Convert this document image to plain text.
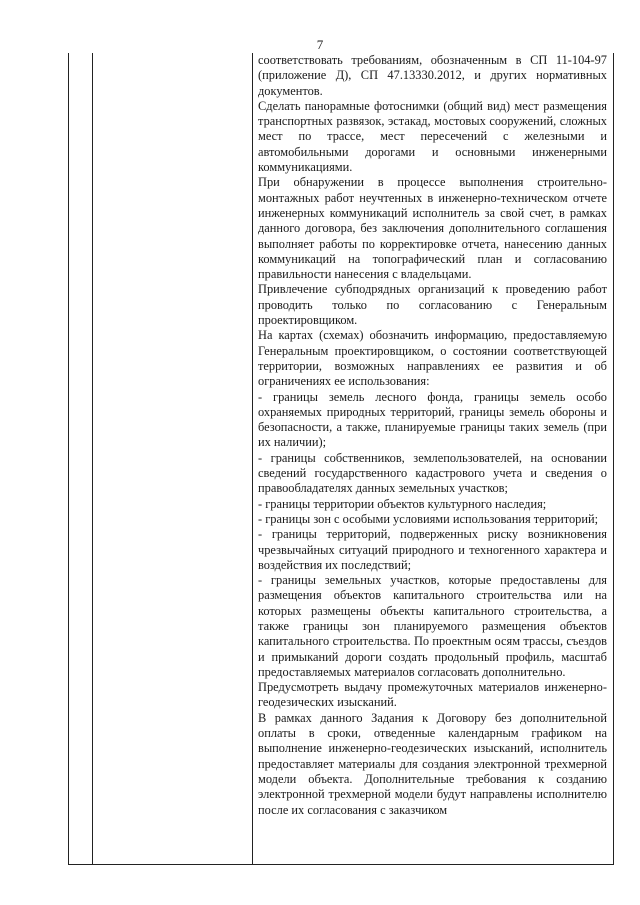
7

соответствовать требованиям, обозначенным в СП 11-104-97 (приложение Д), СП 47.13330.2012, и других нормативных документов.

Сделать панорамные фотоснимки (общий вид) мест размещения транспортных развязок, эстакад, мостовых сооружений, сложных мест по трассе, мест пересечений с железными и автомобильными дорогами и основными инженерными коммуникациями.

При обнаружении в процессе выполнения строительно-монтажных работ неучтенных в инженерно-техническом отчете инженерных коммуникаций исполнитель за свой счет, в рамках данного договора, без заключения дополнительного соглашения выполняет работы по корректировке отчета, нанесению данных коммуникаций на топографический план и согласованию правильности нанесения с владельцами.

Привлечение субподрядных организаций к проведению работ проводить только по согласованию с Генеральным проектировщиком.

На картах (схемах) обозначить информацию, предоставляемую Генеральным проектировщиком, о состоянии соответствующей территории, возможных направлениях ее развития и об ограничениях ее использования:

- границы земель лесного фонда, границы земель особо охраняемых природных территорий, границы земель обороны и безопасности, а также, планируемые границы таких земель (при их наличии);

- границы собственников, землепользователей, на основании сведений государственного кадастрового учета и сведения о правообладателях данных земельных участков;

- границы территории объектов культурного наследия;

- границы зон с особыми условиями использования территорий;

- границы территорий, подверженных риску возникновения чрезвычайных ситуаций природного и техногенного характера и воздействия их последствий;

- границы земельных участков, которые предоставлены для размещения объектов капитального строительства или на которых размещены объекты капитального строительства, а также границы зон планируемого размещения объектов капитального строительства. По проектным осям трассы, съездов и примыканий дороги создать продольный профиль, масштаб предоставляемых материалов согласовать дополнительно.

Предусмотреть выдачу промежуточных материалов инженерно-геодезических изысканий.

В рамках данного Задания к Договору без дополнительной оплаты в сроки, отведенные календарным графиком на выполнение инженерно-геодезических изысканий, исполнитель предоставляет материалы для создания электронной трехмерной модели объекта. Дополнительные требования к созданию электронной трехмерной модели будут направлены исполнителю после их согласования с заказчиком
